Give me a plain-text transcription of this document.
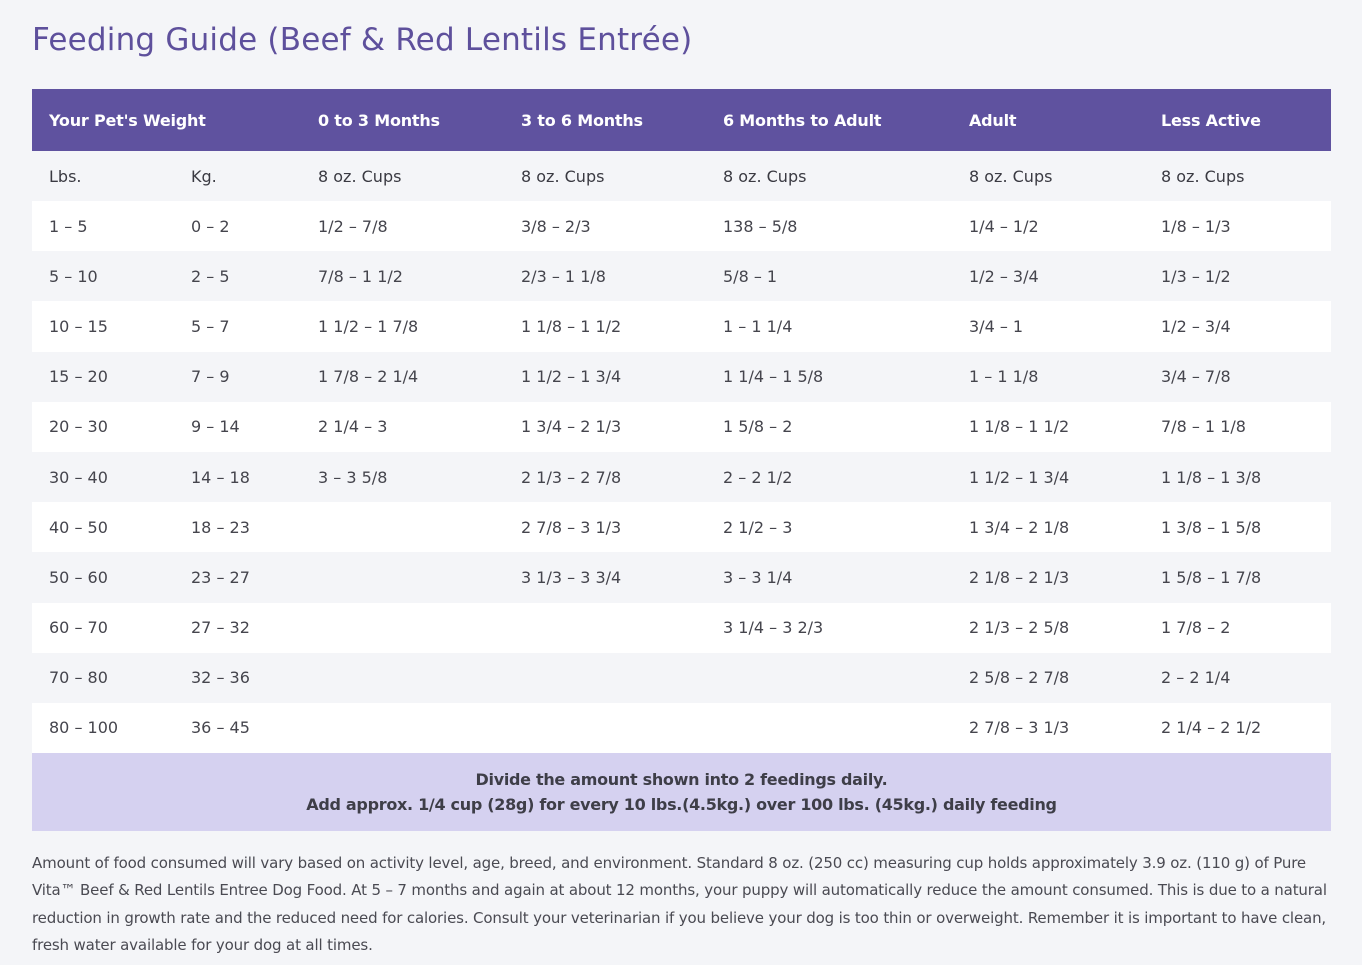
Feeding Guide (Beef & Red Lentils Entrée)
Your Pet's Weight		0 to 3 Months	3 to 6 Months	6 Months to Adult	Adult	Less Active
Lbs.	Kg.	8 oz. Cups	8 oz. Cups	8 oz. Cups	8 oz. Cups	8 oz. Cups
1 – 5	0 – 2	1/2 – 7/8	3/8 – 2/3	138 – 5/8	1/4 – 1/2	1/8 – 1/3
5 – 10	2 – 5	7/8 – 1 1/2	2/3 – 1 1/8	5/8 – 1	1/2 – 3/4	1/3 – 1/2
10 – 15	5 – 7	1 1/2 – 1 7/8	1 1/8 – 1 1/2	1 – 1 1/4	3/4 – 1	1/2 – 3/4
15 – 20	7 – 9	1 7/8 – 2 1/4	1 1/2 – 1 3/4	1 1/4 – 1 5/8	1 – 1 1/8	3/4 – 7/8
20 – 30	9 – 14	2 1/4 – 3	1 3/4 – 2 1/3	1 5/8 – 2	1 1/8 – 1 1/2	7/8 – 1 1/8
30 – 40	14 – 18	3 – 3 5/8	2 1/3 – 2 7/8	2 – 2 1/2	1 1/2 – 1 3/4	1 1/8 – 1 3/8
40 – 50	18 – 23		2 7/8 – 3 1/3	2 1/2 – 3	1 3/4 – 2 1/8	1 3/8 – 1 5/8
50 – 60	23 – 27		3 1/3 – 3 3/4	3 – 3 1/4	2 1/8 – 2 1/3	1 5/8 – 1 7/8
60 – 70	27 – 32			3 1/4 – 3 2/3	2 1/3 – 2 5/8	1 7/8 – 2
70 – 80	32 – 36				2 5/8 – 2 7/8	2 – 2 1/4
80 – 100	36 – 45				2 7/8 – 3 1/3	2 1/4 – 2 1/2
Divide the amount shown into 2 feedings daily.
Add approx. 1/4 cup (28g) for every 10 lbs.(4.5kg.) over 100 lbs. (45kg.) daily feeding

Amount of food consumed will vary based on activity level, age, breed, and environment. Standard 8 oz. (250 cc) measuring cup holds approximately 3.9 oz. (110 g) of Pure Vita™ Beef & Red Lentils Entree Dog Food. At 5 – 7 months and again at about 12 months, your puppy will automatically reduce the amount consumed. This is due to a natural reduction in growth rate and the reduced need for calories. Consult your veterinarian if you believe your dog is too thin or overweight. Remember it is important to have clean, fresh water available for your dog at all times.
